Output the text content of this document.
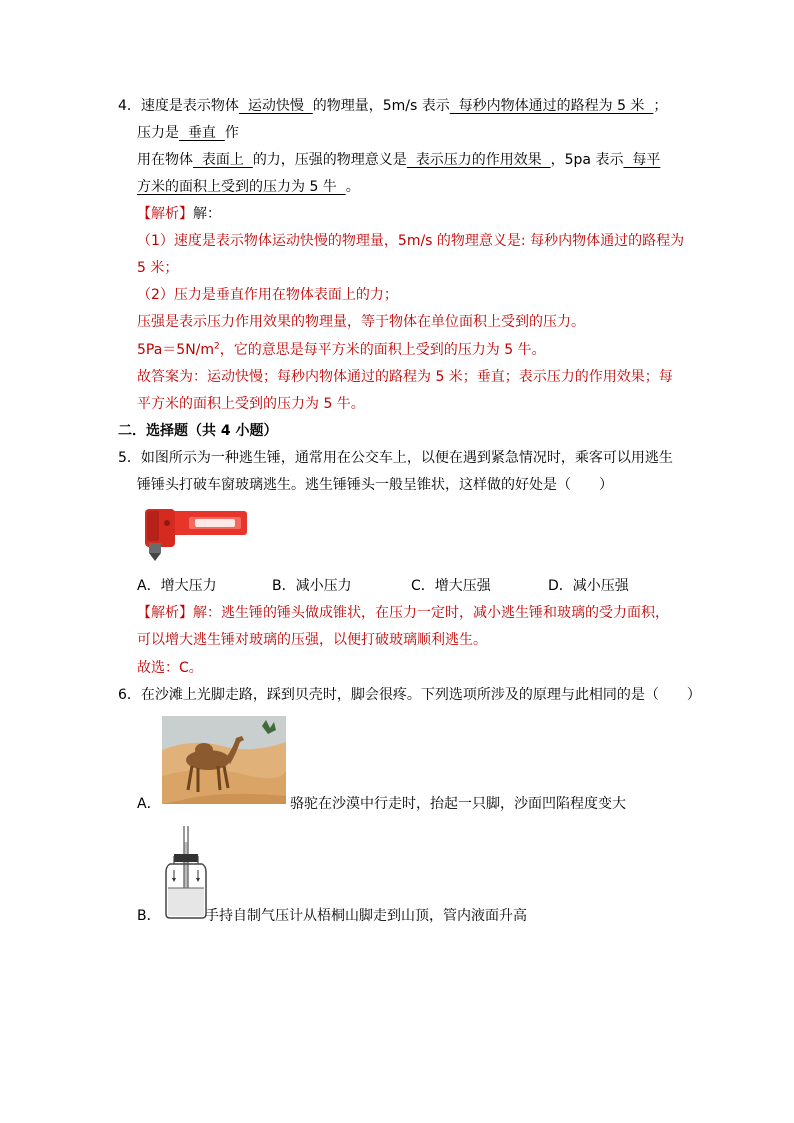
4．速度是表示物体  运动快慢  的物理量，5m/s 表示  每秒内物体通过的路程为 5 米  ；
压力是  垂直  作
用在物体  表面上  的力，压强的物理意义是  表示压力的作用效果  ，5pa 表示  每平
方米的面积上受到的压力为 5 牛  。
【解析】解：
（1）速度是表示物体运动快慢的物理量，5m/s 的物理意义是: 每秒内物体通过的路程为
5 米；
（2）压力是垂直作用在物体表面上的力；
压强是表示压力作用效果的物理量，等于物体在单位面积上受到的压力。
$5Pa=5N/m^2$，它的意思是每平方米的面积上受到的压力为 5 牛。
故答案为：运动快慢；每秒内物体通过的路程为 5 米；垂直；表示压力的作用效果；每
平方米的面积上受到的压力为 5 牛。
二．选择题（共 4 小题）
5．如图所示为一种逃生锤，通常用在公交车上，以便在遇到紧急情况时，乘客可以用逃生
锤锤头打破车窗玻璃逃生。逃生锤锤头一般呈锥状，这样做的好处是（　　）
A．增大压力	B．减小压力	C．增大压强	D．减小压强
【解析】解：逃生锤的锤头做成锥状，在压力一定时，减小逃生锤和玻璃的受力面积，
可以增大逃生锤对玻璃的压强，以便打破玻璃顺利逃生。
故选：C。
6．在沙滩上光脚走路，踩到贝壳时，脚会很疼。下列选项所涉及的原理与此相同的是（　　）
A．	骆驼在沙漠中行走时，抬起一只脚，沙面凹陷程度变大
B．	手持自制气压计从梧桐山脚走到山顶，管内液面升高
